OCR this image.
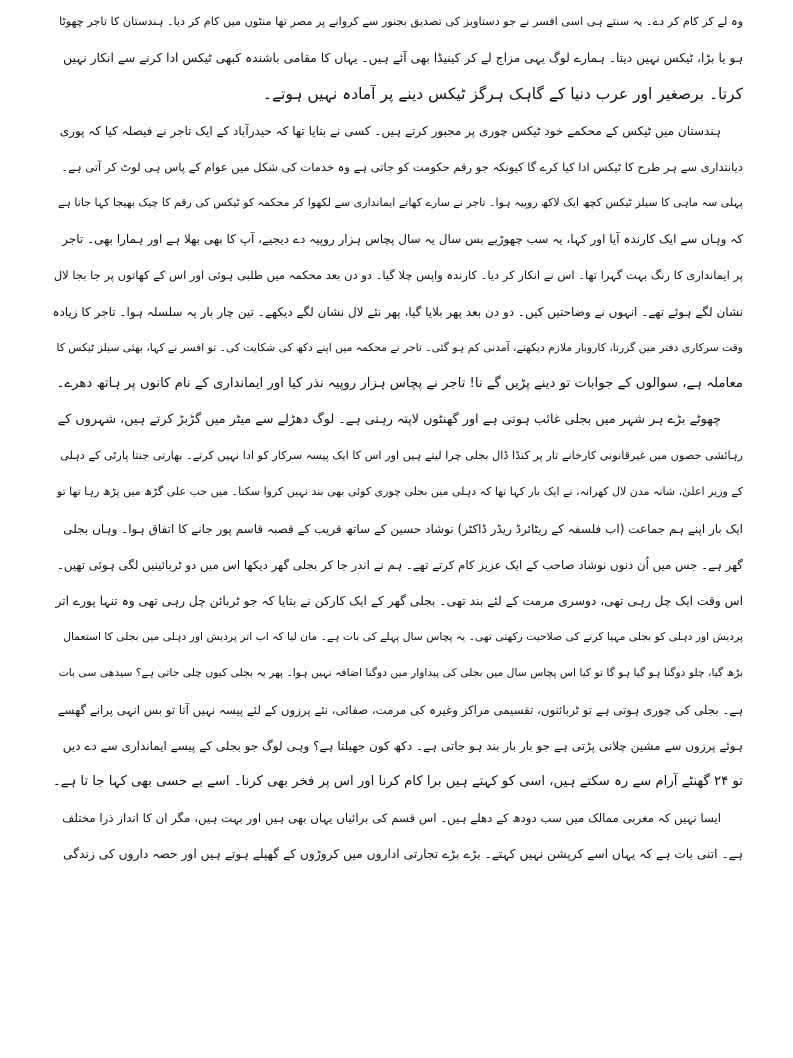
وہ لے کر کام کر دے۔ یہ سنتے ہی اسی افسر نے جو دستاویز کی تصدیق بجنور سے کروانے پر مصر تھا منٹوں میں کام کر دیا۔ ہندستان کا تاجر چھوٹا
ہو یا بڑا، ٹیکس نہیں دیتا۔ ہمارے لوگ یہی مزاج لے کر کینیڈا بھی آئے ہیں۔ یہاں کا مقامی باشندہ کبھی ٹیکس ادا کرنے سے انکار نہیں
کرتا۔ برصغیر اور عرب دنیا کے گاہک ہرگز ٹیکس دینے پر آمادہ نہیں ہوتے۔
ہندستان میں ٹیکس کے محکمے خود ٹیکس چوری پر مجبور کرتے ہیں۔ کسی نے بتایا تھا کہ حیدرآباد کے ایک تاجر نے فیصلہ کیا کہ پوری
دیانتداری سے ہر طرح کا ٹیکس ادا کیا کرے گا کیونکہ جو رقم حکومت کو جاتی ہے وہ خدمات کی شکل میں عوام کے پاس ہی لوٹ کر آتی ہے۔
پہلی سہ ماہی کا سیلز ٹیکس کچھ ایک لاکھ روپیہ ہوا۔ تاجر نے سارے کھاتے ایمانداری سے لکھوا کر محکمہ کو ٹیکس کی رقم کا چیک بھیجا کہا جاتا ہے
کہ وہاں سے ایک کارندہ آیا اور کہا، یہ سب چھوڑیے بس سال یہ سال پچاس ہزار روپیہ دے دیجیے، آپ کا بھی بھلا ہے اور ہمارا بھی۔ تاجر
پر ایمانداری کا رنگ بہت گہرا تھا۔ اس نے انکار کر دیا۔ کارندہ واپس چلا گیا۔ دو دن بعد محکمہ میں طلبی ہوئی اور اس کے کھاتوں پر جا بجا لال
نشان لگے ہوئے تھے۔ انہوں نے وضاحتیں کیں۔ دو دن بعد پھر بلایا گیا، پھر نئے لال نشان لگے دیکھے۔ تین چار بار یہ سلسلہ ہوا۔ تاجر کا زیادہ
وقت سرکاری دفتر میں گزرتا، کاروبار ملازم دیکھتے، آمدنی کم ہو گئی۔ تاجر نے محکمہ میں اپنے دکھ کی شکایت کی۔ تو افسر نے کہا، بھئی سیلز ٹیکس کا
معاملہ ہے، سوالوں کے جوابات تو دینے پڑیں گے نا! تاجر نے پچاس ہزار روپیہ نذر کیا اور ایمانداری کے نام کانوں پر ہاتھ دھرے۔
چھوٹے بڑے ہر شہر میں بجلی غائب ہوتی ہے اور گھنٹوں لاپتہ رہتی ہے۔ لوگ دھڑلے سے میٹر میں گڑبڑ کرتے ہیں، شہروں کے
رہائشی حصوں میں غیرقانونی کارخانے تار پر کنڈا ڈال بجلی چرا لیتے ہیں اور اس کا ایک پیسہ سرکار کو ادا نہیں کرتے۔ بھارتی جنتا پارٹی کے دہلی
کے وزیر اعلیٰ، شانہ مدن لال کھرانہ، نے ایک بار کہا تھا کہ دہلی میں بجلی چوری کوئی بھی بند نہیں کروا سکتا۔ میں جب علی گڑھ میں پڑھ رہا تھا تو
ایک بار اپنے ہم جماعت (اب فلسفہ کے ریٹائرڈ ریڈر ڈاکٹر) نوشاد حسین کے ساتھ قریب کے قصبہ قاسم پور جانے کا اتفاق ہوا۔ وہاں بجلی
گھر ہے۔ جس میں اُن دنوں نوشاد صاحب کے ایک عزیز کام کرتے تھے۔ ہم نے اندر جا کر بجلی گھر دیکھا اس میں دو ٹربائینیں لگی ہوئی تھیں۔
اس وقت ایک چل رہی تھی، دوسری مرمت کے لئے بند تھی۔ بجلی گھر کے ایک کارکن نے بتایا کہ جو ٹربائن چل رہی تھی وہ تنہا پورے اتر
پردیش اور دہلی کو بجلی مہیا کرنے کی صلاحیت رکھتی تھی۔ یہ پچاس سال پہلے کی بات ہے۔ مان لیا کہ اب اتر پردیش اور دہلی میں بجلی کا استعمال
بڑھ گیا، چلو دوگنا ہو گیا ہو گا تو کیا اس پچاس سال میں بجلی کی پیداوار میں دوگنا اضافہ نہیں ہوا۔ پھر یہ بجلی کیوں چلی جاتی ہے؟ سیدھی سی بات
ہے۔ بجلی کی چوری ہوتی ہے تو ٹربائنوں، تقسیمی مراکز وغیرہ کی مرمت، صفائی، نئے پرزوں کے لئے پیسہ نہیں آتا تو بس انہی پرانے گھسے
ہوئے پرزوں سے مشین چلانی پڑتی ہے جو بار بار بند ہو جاتی ہے۔ دکھ کون جھیلتا ہے؟ وہی لوگ جو بجلی کے پیسے ایمانداری سے دے دیں
تو ۲۴ گھنٹے آرام سے رہ سکتے ہیں، اسی کو کہتے ہیں برا کام کرنا اور اس پر فخر بھی کرنا۔ اسے بے حسی بھی کہا جا تا ہے۔
ایسا نہیں کہ مغربی ممالک میں سب دودھ کے دھلے ہیں۔ اس قسم کی برائیاں یہاں بھی ہیں اور بہت ہیں، مگر ان کا انداز ذرا مختلف
ہے۔ اتنی بات ہے کہ یہاں اسے کرپشن نہیں کہتے۔ بڑے بڑے تجارتی اداروں میں کروڑوں کے گھپلے ہوتے ہیں اور حصہ داروں کی زندگی
